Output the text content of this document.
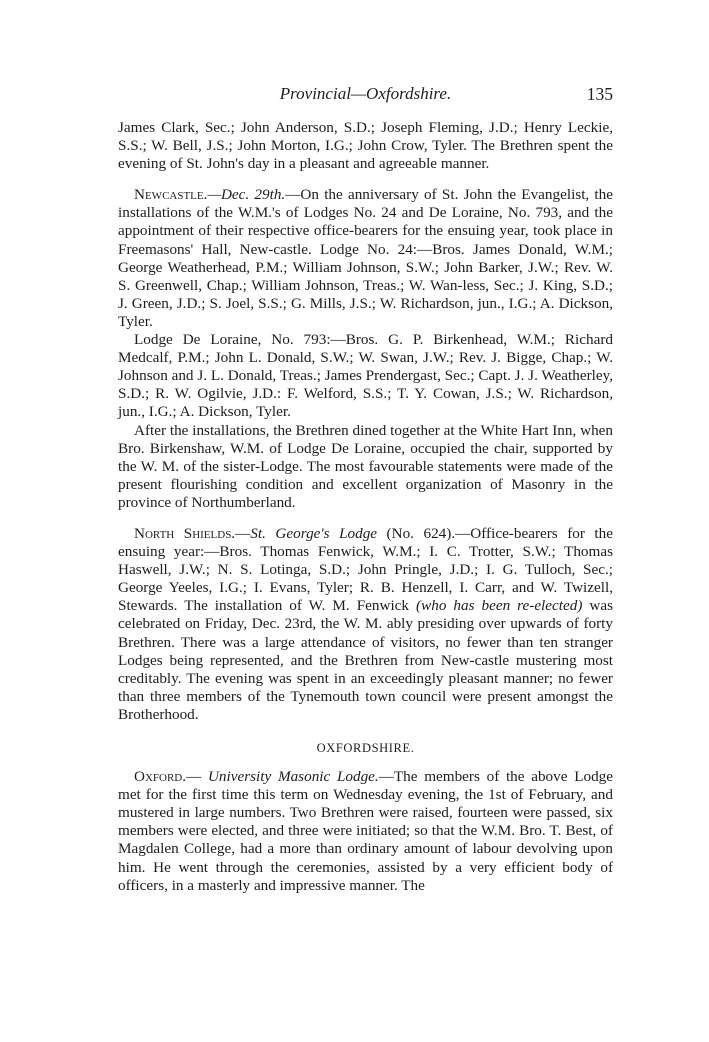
Provincial—Oxfordshire.	135

James Clark, Sec.; John Anderson, S.D.; Joseph Fleming, J.D.; Henry Leckie, S.S.; W. Bell, J.S.; John Morton, I.G.; John Crow, Tyler. The Brethren spent the evening of St. John's day in a pleasant and agreeable manner.

Newcastle.—Dec. 29th.—On the anniversary of St. John the Evangelist, the installations of the W.M.'s of Lodges No. 24 and De Loraine, No. 793, and the appointment of their respective office-bearers for the ensuing year, took place in Freemasons' Hall, New-castle. Lodge No. 24:—Bros. James Donald, W.M.; George Weatherhead, P.M.; William Johnson, S.W.; John Barker, J.W.; Rev. W. S. Greenwell, Chap.; William Johnson, Treas.; W. Wan-less, Sec.; J. King, S.D.; J. Green, J.D.; S. Joel, S.S.; G. Mills, J.S.; W. Richardson, jun., I.G.; A. Dickson, Tyler.

Lodge De Loraine, No. 793:—Bros. G. P. Birkenhead, W.M.; Richard Medcalf, P.M.; John L. Donald, S.W.; W. Swan, J.W.; Rev. J. Bigge, Chap.; W. Johnson and J. L. Donald, Treas.; James Prendergast, Sec.; Capt. J. J. Weatherley, S.D.; R. W. Ogilvie, J.D.: F. Welford, S.S.; T. Y. Cowan, J.S.; W. Richardson, jun., I.G.; A. Dickson, Tyler.

After the installations, the Brethren dined together at the White Hart Inn, when Bro. Birkenshaw, W.M. of Lodge De Loraine, occupied the chair, supported by the W. M. of the sister-Lodge. The most favourable statements were made of the present flourishing condition and excellent organization of Masonry in the province of Northumberland.

North Shields.—St. George's Lodge (No. 624).—Office-bearers for the ensuing year:—Bros. Thomas Fenwick, W.M.; I. C. Trotter, S.W.; Thomas Haswell, J.W.; N. S. Lotinga, S.D.; John Pringle, J.D.; I. G. Tulloch, Sec.; George Yeeles, I.G.; I. Evans, Tyler; R. B. Henzell, I. Carr, and W. Twizell, Stewards. The installation of W. M. Fenwick (who has been re-elected) was celebrated on Friday, Dec. 23rd, the W. M. ably presiding over upwards of forty Brethren. There was a large attendance of visitors, no fewer than ten stranger Lodges being represented, and the Brethren from New-castle mustering most creditably. The evening was spent in an exceedingly pleasant manner; no fewer than three members of the Tynemouth town council were present amongst the Brotherhood.

OXFORDSHIRE.

Oxford.— University Masonic Lodge.—The members of the above Lodge met for the first time this term on Wednesday evening, the 1st of February, and mustered in large numbers. Two Brethren were raised, fourteen were passed, six members were elected, and three were initiated; so that the W.M. Bro. T. Best, of Magdalen College, had a more than ordinary amount of labour devolving upon him. He went through the ceremonies, assisted by a very efficient body of officers, in a masterly and impressive manner. The
